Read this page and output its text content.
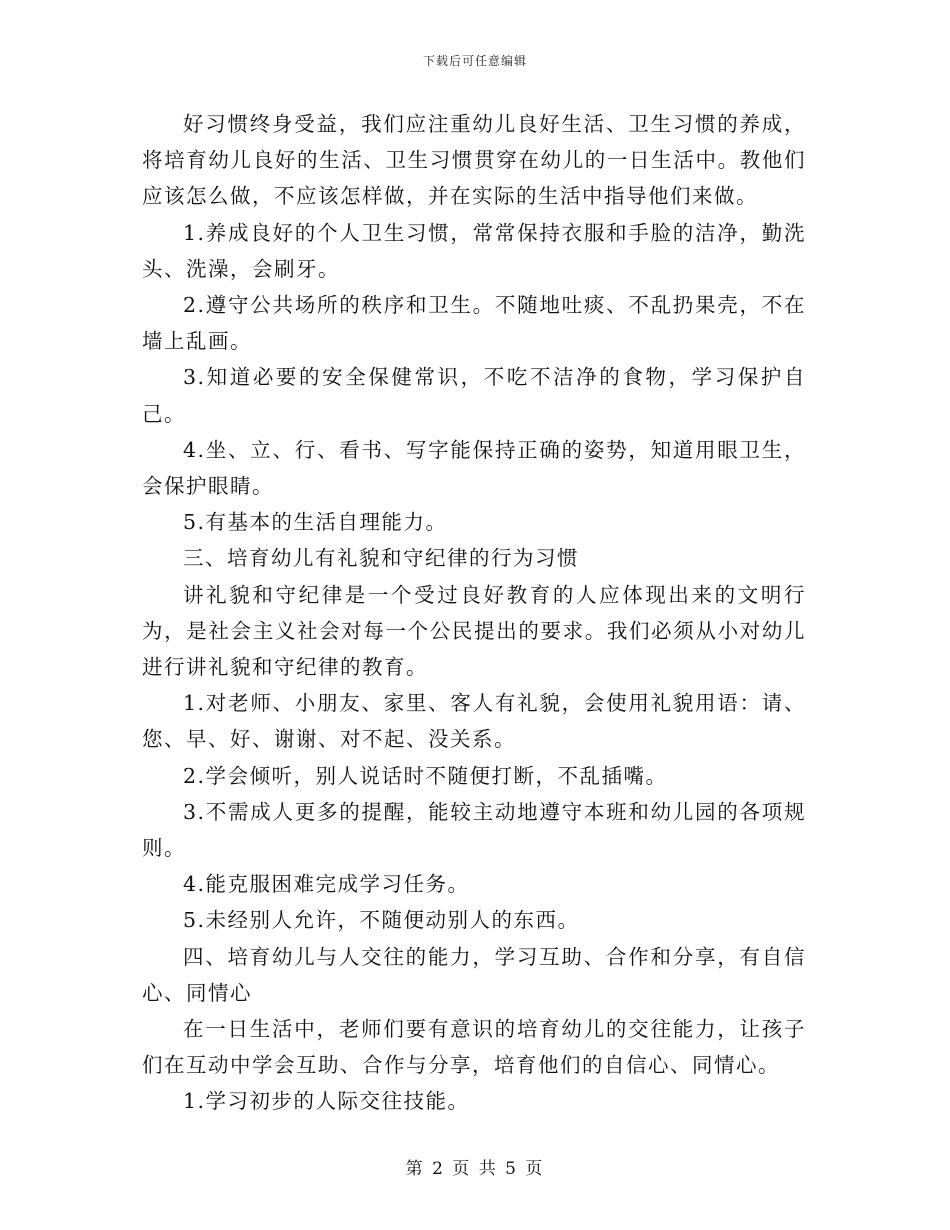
下载后可任意编辑

好习惯终身受益，我们应注重幼儿良好生活、卫生习惯的养成，将培育幼儿良好的生活、卫生习惯贯穿在幼儿的一日生活中。教他们应该怎么做，不应该怎样做，并在实际的生活中指导他们来做。

1.养成良好的个人卫生习惯，常常保持衣服和手脸的洁净，勤洗头、洗澡，会刷牙。

2.遵守公共场所的秩序和卫生。不随地吐痰、不乱扔果壳，不在墙上乱画。

3.知道必要的安全保健常识，不吃不洁净的食物，学习保护自己。

4.坐、立、行、看书、写字能保持正确的姿势，知道用眼卫生，会保护眼睛。

5.有基本的生活自理能力。

三、培育幼儿有礼貌和守纪律的行为习惯

讲礼貌和守纪律是一个受过良好教育的人应体现出来的文明行为，是社会主义社会对每一个公民提出的要求。我们必须从小对幼儿进行讲礼貌和守纪律的教育。

1.对老师、小朋友、家里、客人有礼貌，会使用礼貌用语：请、您、早、好、谢谢、对不起、没关系。

2.学会倾听，别人说话时不随便打断，不乱插嘴。

3.不需成人更多的提醒，能较主动地遵守本班和幼儿园的各项规则。

4.能克服困难完成学习任务。

5.未经别人允许，不随便动别人的东西。

四、培育幼儿与人交往的能力，学习互助、合作和分享，有自信心、同情心

在一日生活中，老师们要有意识的培育幼儿的交往能力，让孩子们在互动中学会互助、合作与分享，培育他们的自信心、同情心。

1.学习初步的人际交往技能。

第 2 页 共 5 页
